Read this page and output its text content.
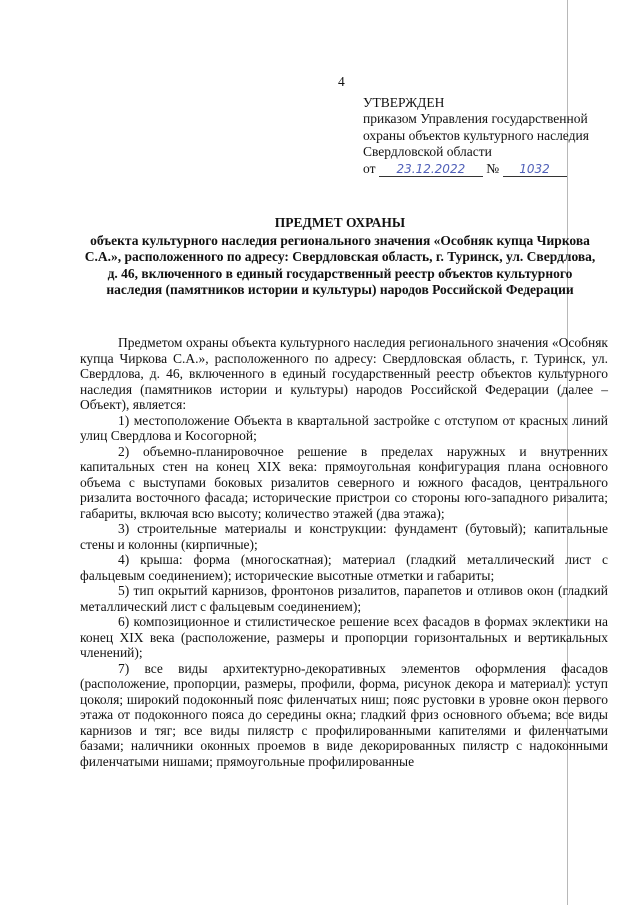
4
УТВЕРЖДЕН
приказом Управления государственной
охраны объектов культурного наследия
Свердловской области
от 23.12.2022 № 1032
ПРЕДМЕТ ОХРАНЫ
объекта культурного наследия регионального значения «Особняк купца Чиркова С.А.», расположенного по адресу: Свердловская область, г. Туринск, ул. Свердлова, д. 46, включенного в единый государственный реестр объектов культурного наследия (памятников истории и культуры) народов Российской Федерации

Предметом охраны объекта культурного наследия регионального значения «Особняк купца Чиркова С.А.», расположенного по адресу: Свердловская область, г. Туринск, ул. Свердлова, д. 46, включенного в единый государственный реестр объектов культурного наследия (памятников истории и культуры) народов Российской Федерации (далее – Объект), является:

1) местоположение Объекта в квартальной застройке с отступом от красных линий улиц Свердлова и Косогорной;

2) объемно-планировочное решение в пределах наружных и внутренних капитальных стен на конец XIX века: прямоугольная конфигурация плана основного объема с выступами боковых ризалитов северного и южного фасадов, центрального ризалита восточного фасада; исторические пристрои со стороны юго-западного ризалита; габариты, включая всю высоту; количество этажей (два этажа);

3) строительные материалы и конструкции: фундамент (бутовый); капитальные стены и колонны (кирпичные);

4) крыша: форма (многоскатная); материал (гладкий металлический лист с фальцевым соединением); исторические высотные отметки и габариты;

5) тип окрытий карнизов, фронтонов ризалитов, парапетов и отливов окон (гладкий металлический лист с фальцевым соединением);

6) композиционное и стилистическое решение всех фасадов в формах эклектики на конец XIX века (расположение, размеры и пропорции горизонтальных и вертикальных членений);

7) все виды архитектурно-декоративных элементов оформления фасадов (расположение, пропорции, размеры, профили, форма, рисунок декора и материал): уступ цоколя; широкий подоконный пояс филенчатых ниш; пояс рустовки в уровне окон первого этажа от подоконного пояса до середины окна; гладкий фриз основного объема; все виды карнизов и тяг; все виды пилястр с профилированными капителями и филенчатыми базами; наличники оконных проемов в виде декорированных пилястр с надоконными филенчатыми нишами; прямоугольные профилированные
